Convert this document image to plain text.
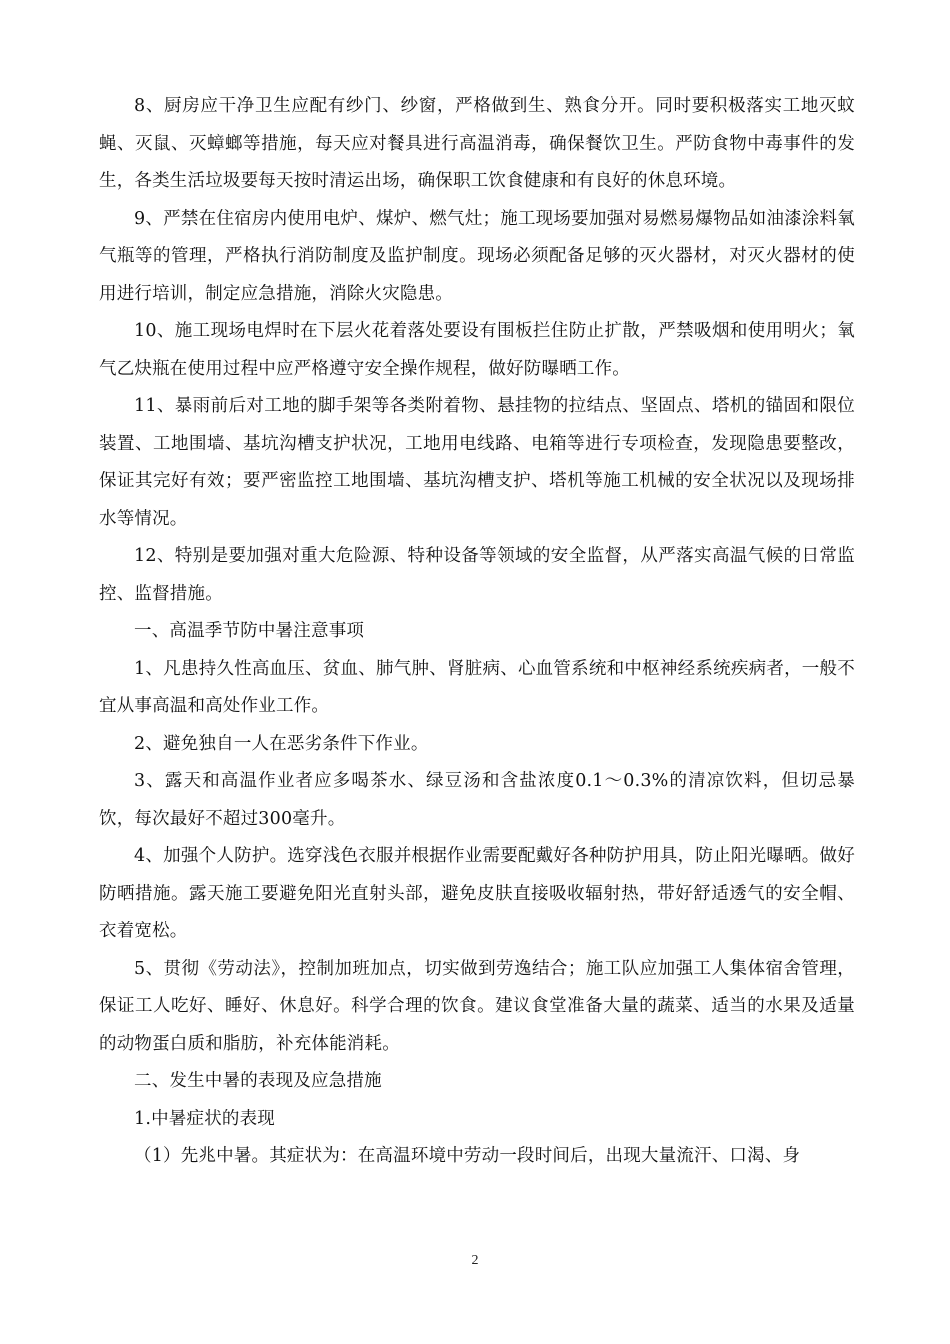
8、厨房应干净卫生应配有纱门、纱窗，严格做到生、熟食分开。同时要积极落实工地灭蚊蝇、灭鼠、灭蟑螂等措施，每天应对餐具进行高温消毒，确保餐饮卫生。严防食物中毒事件的发生，各类生活垃圾要每天按时清运出场，确保职工饮食健康和有良好的休息环境。

9、严禁在住宿房内使用电炉、煤炉、燃气灶；施工现场要加强对易燃易爆物品如油漆涂料氧气瓶等的管理，严格执行消防制度及监护制度。现场必须配备足够的灭火器材，对灭火器材的使用进行培训，制定应急措施，消除火灾隐患。

10、施工现场电焊时在下层火花着落处要设有围板拦住防止扩散，严禁吸烟和使用明火；氧气乙炔瓶在使用过程中应严格遵守安全操作规程，做好防曝晒工作。

11、暴雨前后对工地的脚手架等各类附着物、悬挂物的拉结点、坚固点、塔机的锚固和限位装置、工地围墙、基坑沟槽支护状况，工地用电线路、电箱等进行专项检查，发现隐患要整改，保证其完好有效；要严密监控工地围墙、基坑沟槽支护、塔机等施工机械的安全状况以及现场排水等情况。

12、特别是要加强对重大危险源、特种设备等领域的安全监督，从严落实高温气候的日常监控、监督措施。

一、高温季节防中暑注意事项

1、凡患持久性高血压、贫血、肺气肿、肾脏病、心血管系统和中枢神经系统疾病者，一般不宜从事高温和高处作业工作。

2、避免独自一人在恶劣条件下作业。

3、露天和高温作业者应多喝茶水、绿豆汤和含盐浓度0.1～0.3%的清凉饮料，但切忌暴饮，每次最好不超过300毫升。

4、加强个人防护。选穿浅色衣服并根据作业需要配戴好各种防护用具，防止阳光曝晒。做好防晒措施。露天施工要避免阳光直射头部，避免皮肤直接吸收辐射热，带好舒适透气的安全帽、衣着宽松。

5、贯彻《劳动法》，控制加班加点，切实做到劳逸结合；施工队应加强工人集体宿舍管理，保证工人吃好、睡好、休息好。科学合理的饮食。建议食堂准备大量的蔬菜、适当的水果及适量的动物蛋白质和脂肪，补充体能消耗。

二、发生中暑的表现及应急措施

1.中暑症状的表现

（1）先兆中暑。其症状为：在高温环境中劳动一段时间后，出现大量流汗、口渴、身

2
